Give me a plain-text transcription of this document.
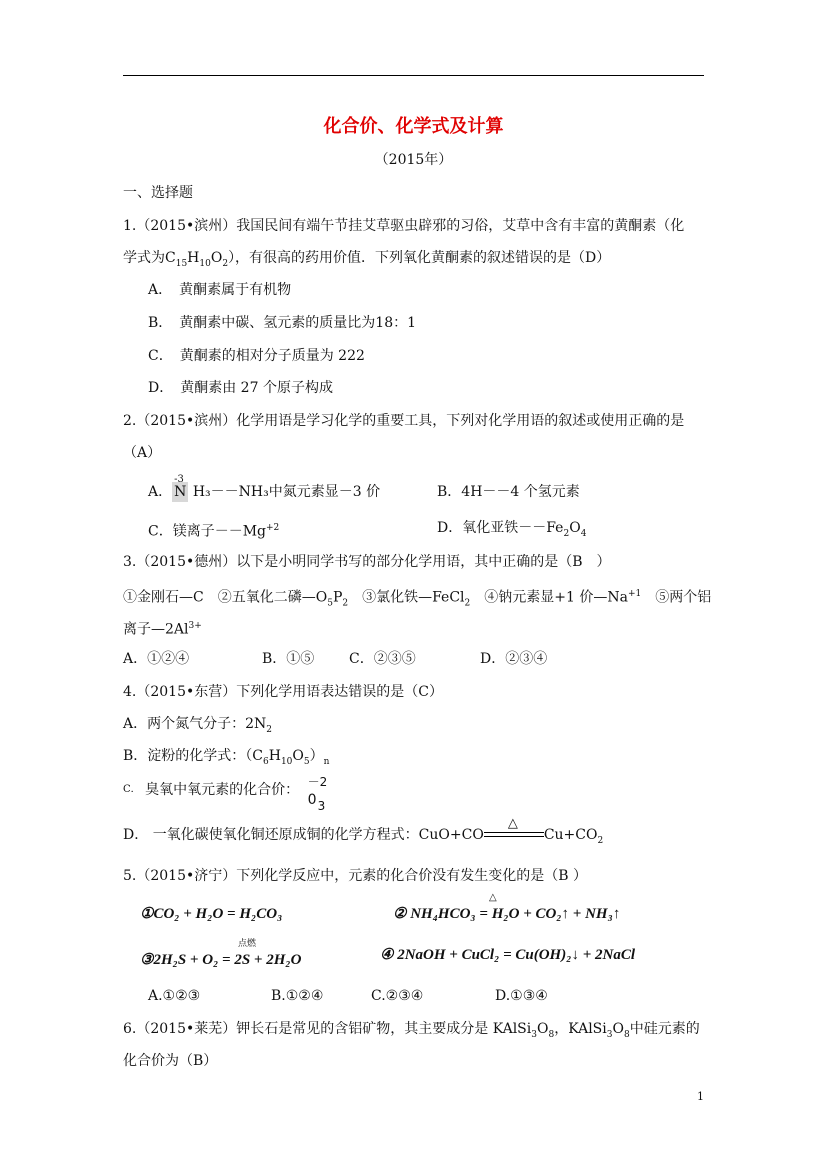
化合价、化学式及计算
（2015年）
一、选择题
1.（2015•滨州）我国民间有端午节挂艾草驱虫辟邪的习俗，艾草中含有丰富的黄酮素（化
学式为$C_{15}H_{10}O_2$），有很高的药用价值．下列氧化黄酮素的叙述错误的是（D）
A．　黄酮素属于有机物
B．　黄酮素中碳、氢元素的质量比为18：1
C．　黄酮素的相对分子质量为 222
D．　黄酮素由 27 个原子构成
2.（2015•滨州）化学用语是学习化学的重要工具，下列对化学用语的叙述或使用正确的是
（A）
A．
-3
N H₃－－NH₃中氮元素显－3 价	B．4H－－4 个氢元素
C．镁离子$--Mg^{+2}$	D．氧化亚铁$--Fe_2O_4$
3.（2015•德州）以下是小明同学书写的部分化学用语，其中正确的是（B　）
①金刚石—C　②五氧化二磷$—O_5P_2$　③氯化铁—FeCl$_2$　④钠元素显+1 价$—Na^{+1}$　⑤两个铝
离子$—2Al^{3+}$
A．①②④	B．①⑤ C．②③⑤	D．②③④
4.（2015•东营）下列化学用语表达错误的是（C）
A．两个氮气分子：$2N_2$
B．淀粉的化学式：$(C_6H_{10}O_5)_n$
$^{C.}$ 臭氧中氧元素的化合价： －2
0 3
D． 一氧化碳使氧化铜还原成铜的化学方程式：CuO+CO
△
$Cu+CO_2$
5.（2015•济宁）下列化学反应中，元素的化合价没有发生变化的是（B ）
①CO₂ + H₂O = H₂CO₃
△
② NH₄HCO₃ = H₂O + CO₂↑ + NH₃↑
点燃
③2H₂S + O₂ = 2S + 2H₂O	④ 2NaOH + CuCl₂ = Cu(OH)₂↓ + 2NaCl
A.①②③	B.①②④	C.②③④	D.①③④
6.（2015•莱芜）钾长石是常见的含铝矿物，其主要成分是 $KAlSi_3O_8$，$KAlSi_3O_8$中硅元素的
化合价为（B）
1
